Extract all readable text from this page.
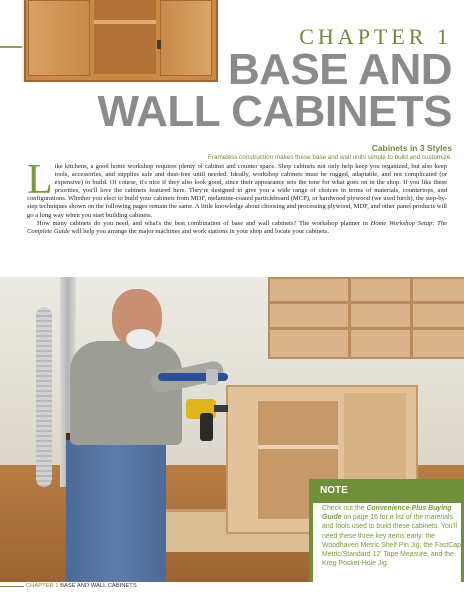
CHAPTER 1
BASE AND
WALL CABINETS
Cabinets in 3 Styles
Frameless construction makes these base and wall units simple to build and customize.

Like kitchens, a good home workshop requires plenty of cabinet and counter space. Shop cabinets not only help keep you organized, but also keep tools, accessories, and supplies safe and dust-free until needed. Ideally, workshop cabinets must be rugged, adaptable, and not complicated (or expensive) to build. Of course, it's nice if they also look good, since their appearance sets the tone for what goes on in the shop. If you like these priorities, you'll love the cabinets featured here. They're designed to give you a wide range of choices in terms of materials, countertops, and configurations. Whether you elect to build your cabinets from MDF, melamine-coated particleboard (MCP), or hardwood plywood (we used birch), the step-by-step techniques shown on the following pages remain the same. A little knowledge about choosing and processing plywood, MDF, and other panel products will go a long way when you start building cabinets.

How many cabinets do you need, and what's the best combination of base and wall cabinets? The workshop planner in Home Workshop Setup: The Complete Guide will help you arrange the major machines and work stations in your shop and locate your cabinets.

NOTE
Check out the Convenience-Plus Buying Guide on page 16 for a list of the materials and tools used to build these cabinets. You'll need these three key items early: the Woodhaven Metric Shelf Pin Jig, the FastCap Metric/Standard 12' Tape Measure, and the Kreg Pocket-Hole Jig.
CHAPTER 1 BASE AND WALL CABINETS
